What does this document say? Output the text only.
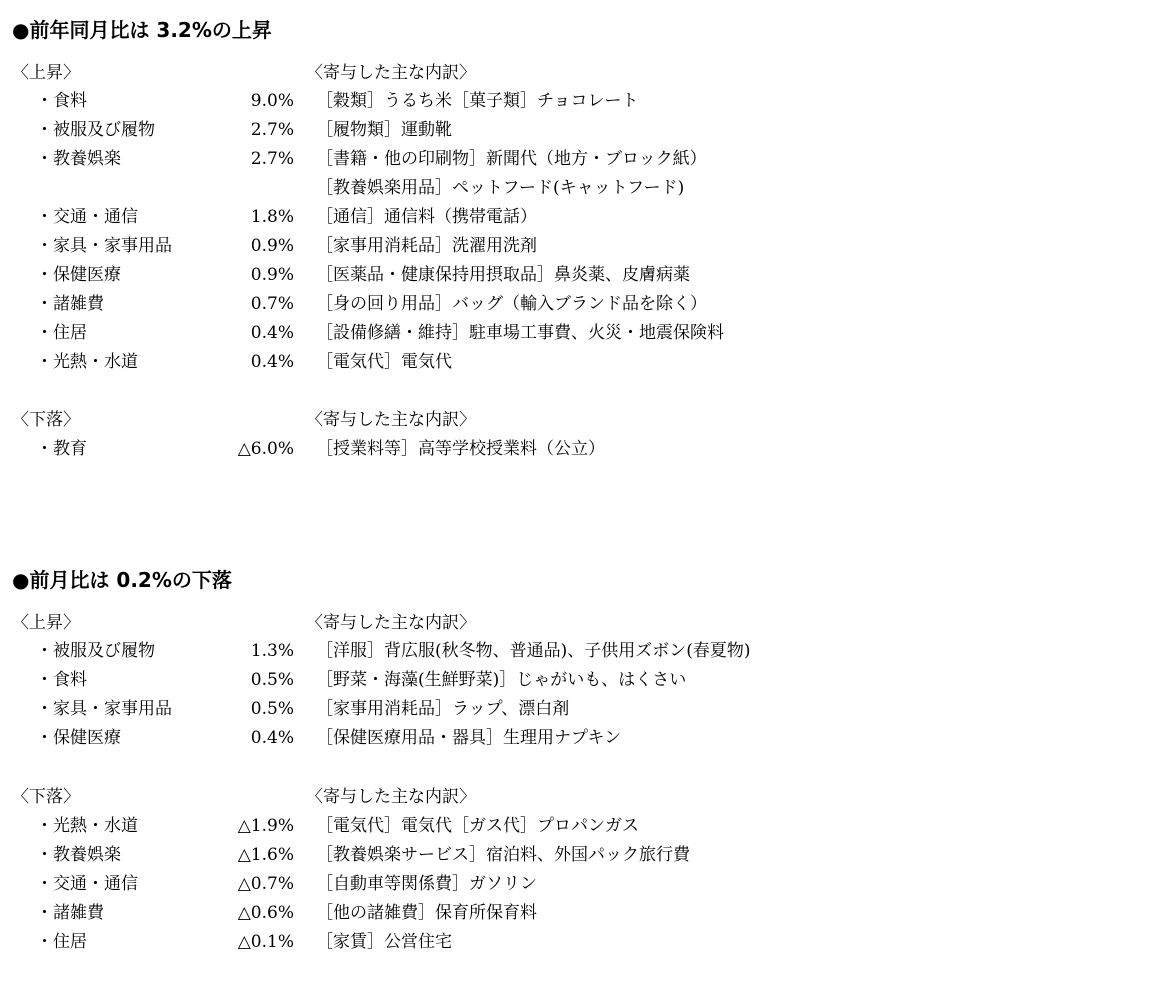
●前年同月比は 3.2%の上昇
〈上昇〉	〈寄与した主な内訳〉
・食料	9.0% ［穀類］うるち米［菓子類］チョコレート
・被服及び履物	2.7% ［履物類］運動靴
・教養娯楽	2.7% ［書籍・他の印刷物］新聞代（地方・ブロック紙）
［教養娯楽用品］ペットフード(キャットフード)
・交通・通信	1.8% ［通信］通信料（携帯電話）
・家具・家事用品	0.9% ［家事用消耗品］洗濯用洗剤
・保健医療	0.9% ［医薬品・健康保持用摂取品］鼻炎薬、皮膚病薬
・諸雑費	0.7% ［身の回り用品］バッグ（輸入ブランド品を除く）
・住居	0.4% ［設備修繕・維持］駐車場工事費、火災・地震保険料
・光熱・水道	0.4% ［電気代］電気代
〈下落〉	〈寄与した主な内訳〉
・教育	△6.0% ［授業料等］高等学校授業料（公立）
●前月比は 0.2%の下落
〈上昇〉	〈寄与した主な内訳〉
・被服及び履物	1.3% ［洋服］背広服(秋冬物、普通品)、子供用ズボン(春夏物)
・食料	0.5% ［野菜・海藻(生鮮野菜)］じゃがいも、はくさい
・家具・家事用品	0.5% ［家事用消耗品］ラップ、漂白剤
・保健医療	0.4% ［保健医療用品・器具］生理用ナプキン
〈下落〉	〈寄与した主な内訳〉
・光熱・水道	△1.9% ［電気代］電気代［ガス代］プロパンガス
・教養娯楽	△1.6% ［教養娯楽サービス］宿泊料、外国パック旅行費
・交通・通信	△0.7% ［自動車等関係費］ガソリン
・諸雑費	△0.6% ［他の諸雑費］保育所保育料
・住居	△0.1% ［家賃］公営住宅
